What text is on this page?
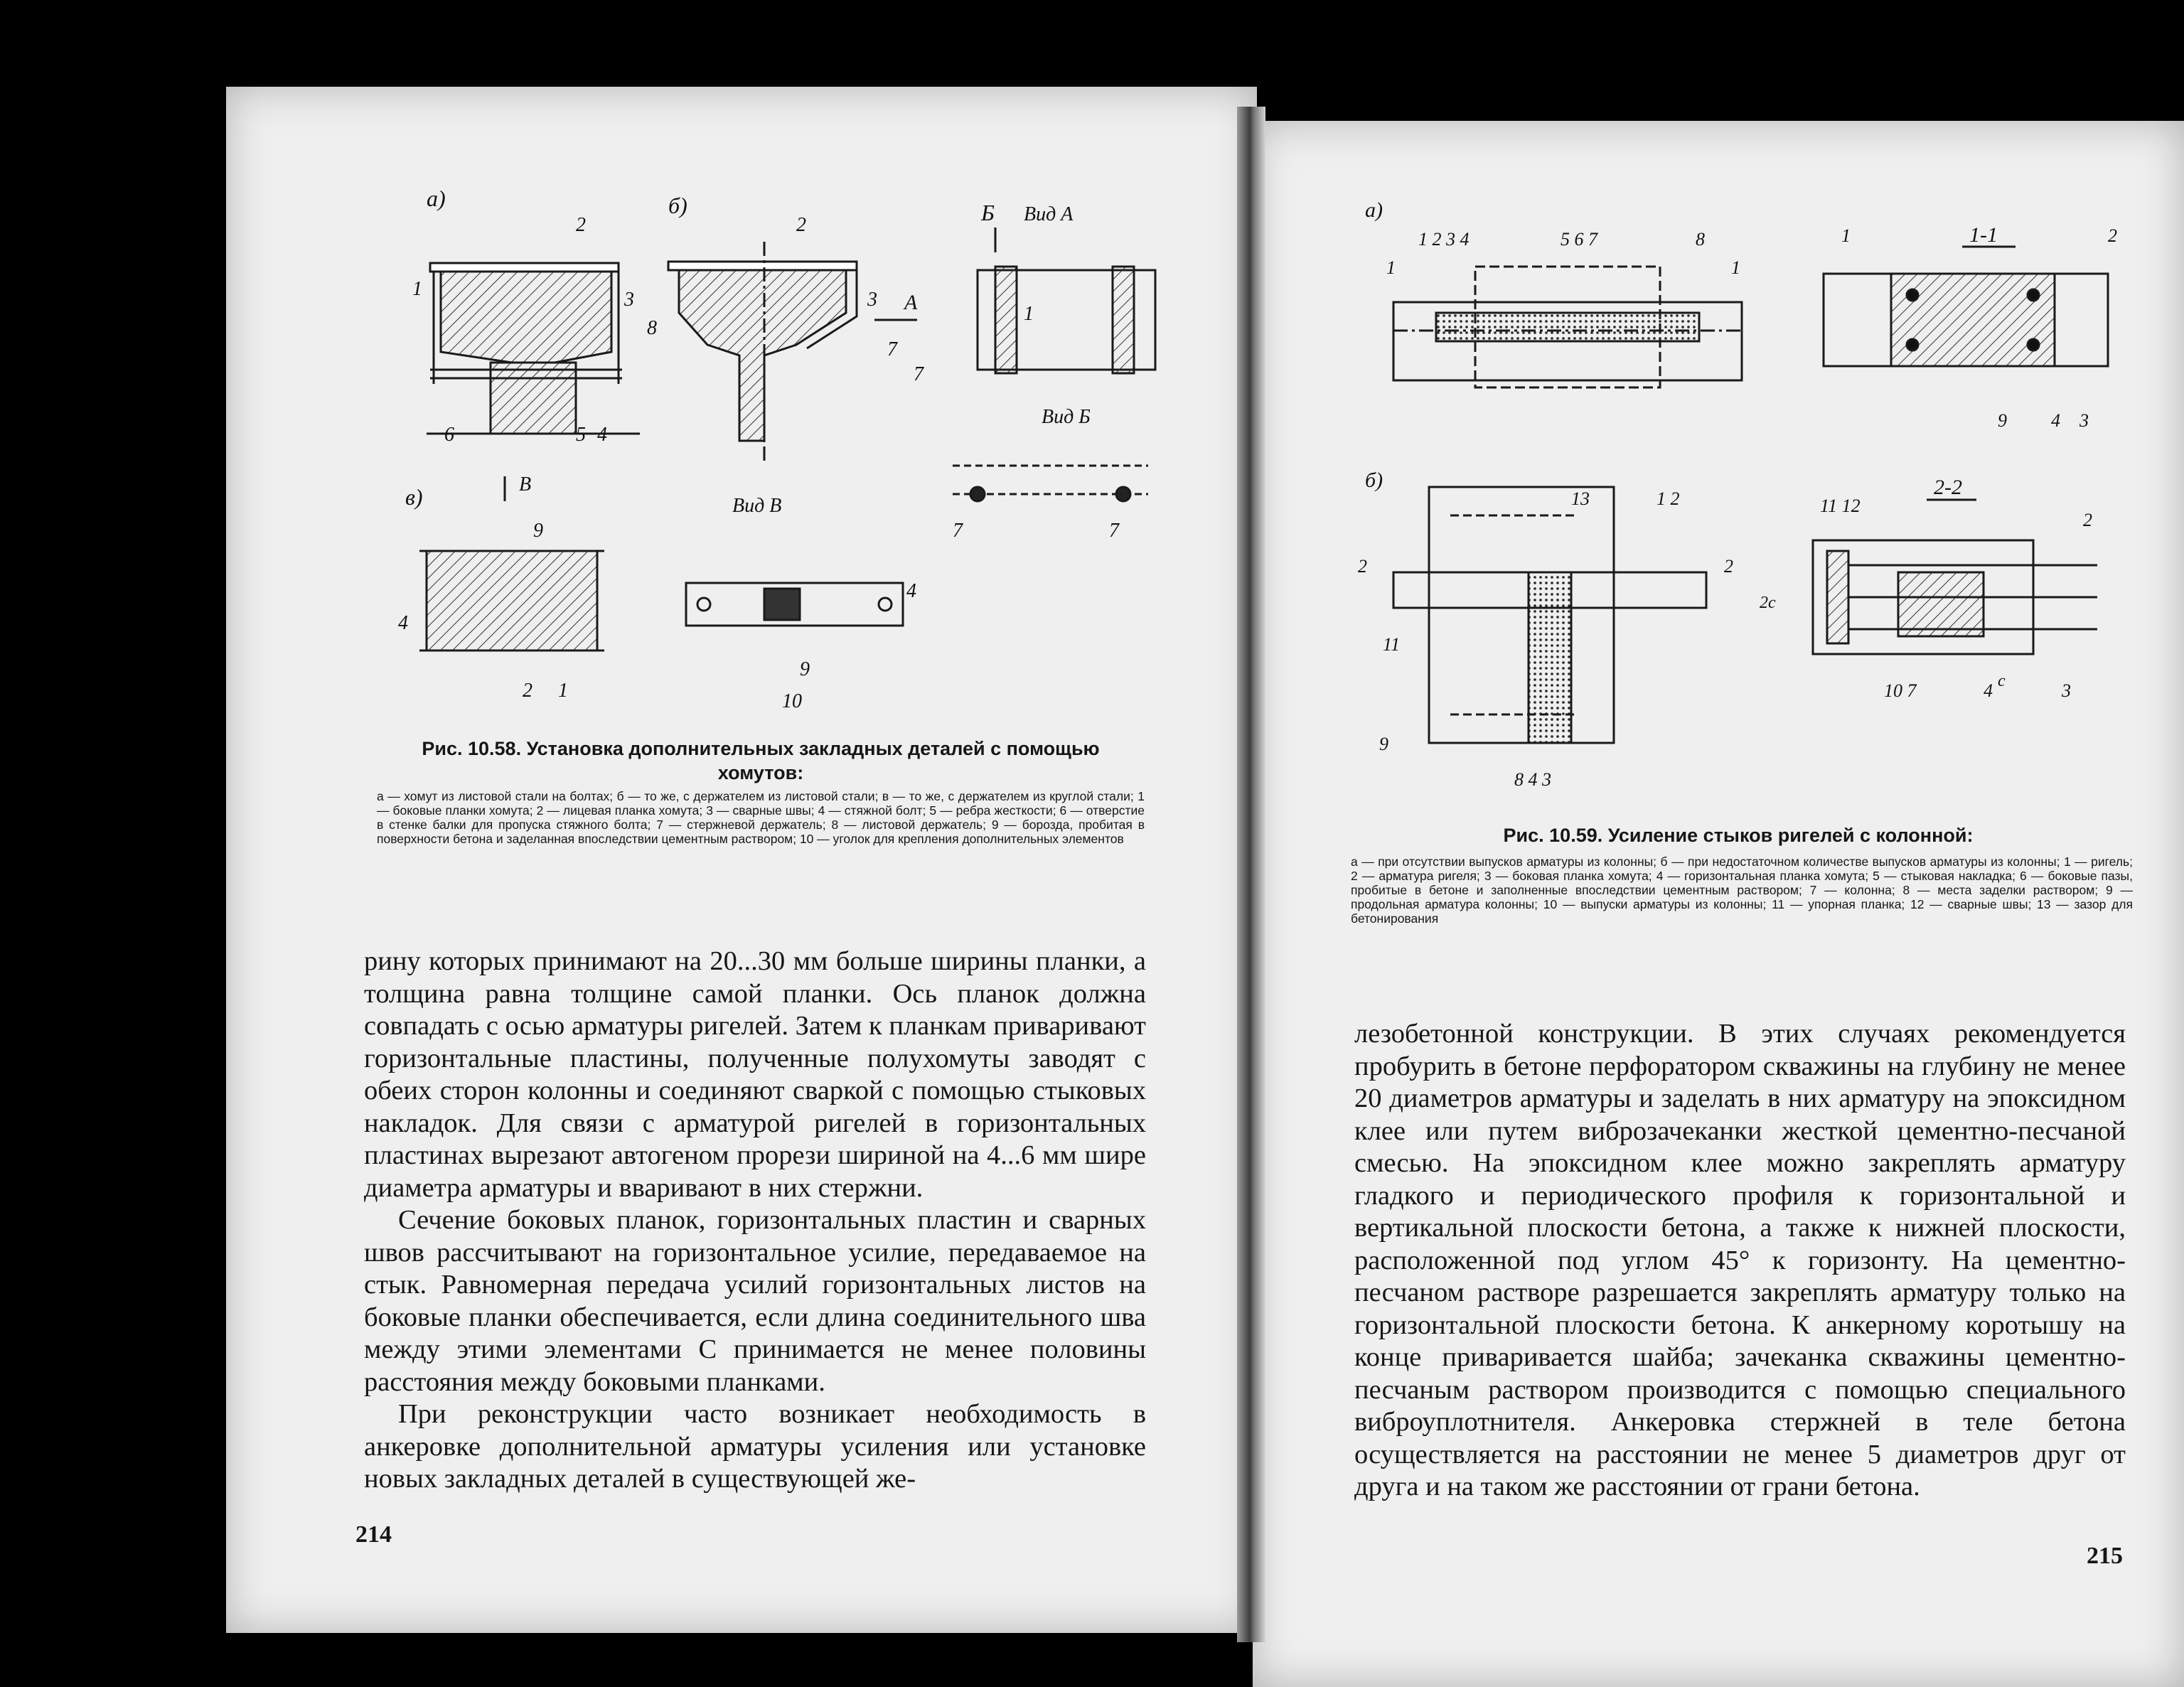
а)	б)
в)
2
1	3
6	5 4
2
8
3
7
А
Б Вид А
1
7
Вид Б
7	7
В
9
4
2 1
Вид В
4
9
10
Рис. 10.58. Установка дополнительных закладных деталей с помощью хомутов:
а — хомут из листовой стали на болтах; б — то же, с держателем из листовой стали; в — то же, с держателем из круглой стали; 1 — боковые планки хомута; 2 — лицевая планка хомута; 3 — сварные швы; 4 — стяжной болт; 5 — ребра жесткости; 6 — отверстие в стенке балки для пропуска стяжного болта; 7 — стержневой держатель; 8 — листовой держатель; 9 — борозда, пробитая в поверхности бетона и заделанная впоследствии цементным раствором; 10 — уголок для крепления дополнительных элементов

рину которых принимают на 20...30 мм больше ширины планки, а толщина равна толщине самой планки. Ось планок должна совпадать с осью арматуры ригелей. Затем к планкам приваривают горизонтальные пластины, полученные полухомуты заводят с обеих сторон колонны и соединяют сваркой с помощью стыковых накладок. Для связи с арматурой ригелей в горизонтальных пластинах вырезают автогеном прорези шириной на 4...6 мм шире диаметра арматуры и вваривают в них стержни.

Сечение боковых планок, горизонтальных пластин и сварных швов рассчитывают на горизонтальное усилие, передаваемое на стык. Равномерная передача усилий горизонтальных листов на боковые планки обеспечивается, если длина соединительного шва между этими элементами C принимается не менее половины расстояния между боковыми планками.

При реконструкции часто возникает необходимость в анкеровке дополнительной арматуры усиления или установке новых закладных деталей в существующей же-

214
а)
б)
1 2 3 4	5 6 7	8
1	1
1-1
1	2
9 4 3
13	1 2
2	2
11
9
8 4 3
2-2
2c
c
11 12
2
10 7	4	3
Рис. 10.59. Усиление стыков ригелей с колонной:
а — при отсутствии выпусков арматуры из колонны; б — при недостаточном количестве выпусков арматуры из колонны; 1 — ригель; 2 — арматура ригеля; 3 — боковая планка хомута; 4 — горизонтальная планка хомута; 5 — стыковая накладка; 6 — боковые пазы, пробитые в бетоне и заполненные впоследствии цементным раствором; 7 — колонна; 8 — места заделки раствором; 9 — продольная арматура колонны; 10 — выпуски арматуры из колонны; 11 — упорная планка; 12 — сварные швы; 13 — зазор для бетонирования

лезобетонной конструкции. В этих случаях рекомендуется пробурить в бетоне перфоратором скважины на глубину не менее 20 диаметров арматуры и заделать в них арматуру на эпоксидном клее или путем виброзачеканки жесткой цементно-песчаной смесью. На эпоксидном клее можно закреплять арматуру гладкого и периодического профиля к горизонтальной и вертикальной плоскости бетона, а также к нижней плоскости, расположенной под углом 45° к горизонту. На цементно-песчаном растворе разрешается закреплять арматуру только на горизонтальной плоскости бетона. К анкерному коротышу на конце приваривается шайба; зачеканка скважины цементно-песчаным раствором производится с помощью специального виброуплотнителя. Анкеровка стержней в теле бетона осуществляется на расстоянии не менее 5 диаметров друг от друга и на таком же расстоянии от грани бетона.

215
